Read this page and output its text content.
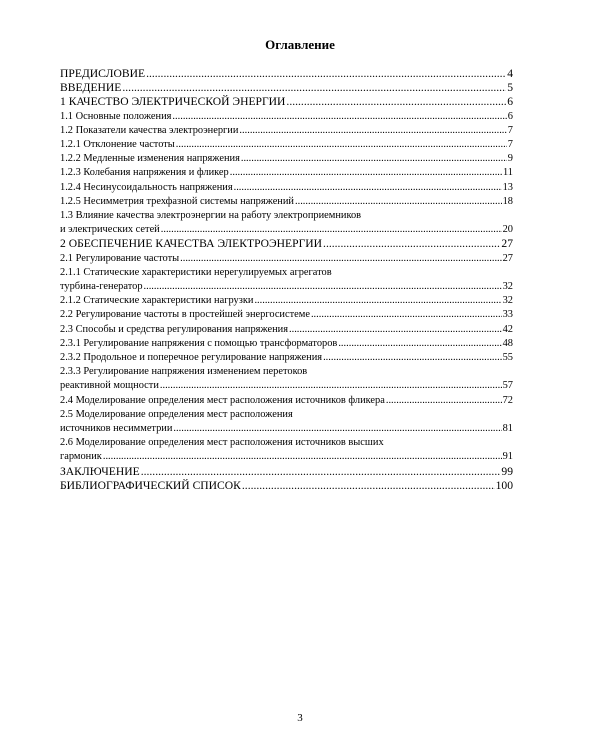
Оглавление
ПРЕДИСЛОВИЕ .....	4
ВВЕДЕНИЕ .....	5
1 КАЧЕСТВО ЭЛЕКТРИЧЕСКОЙ ЭНЕРГИИ .....	6
1.1 Основные положения .....	6
1.2 Показатели качества электроэнергии .....	7
1.2.1 Отклонение частоты .....	7
1.2.2 Медленные изменения напряжения .....	9
1.2.3 Колебания напряжения и фликер .....	11
1.2.4 Несинусоидальность напряжения .....	13
1.2.5 Несимметрия трехфазной системы напряжений .....	18
1.3 Влияние качества электроэнергии на работу электроприемников
и электрических сетей .....	20
2 ОБЕСПЕЧЕНИЕ КАЧЕСТВА ЭЛЕКТРОЭНЕРГИИ .....	27
2.1 Регулирование частоты .....	27
2.1.1 Статические характеристики нерегулируемых агрегатов
турбина-генератор .....	32
2.1.2 Статические характеристики нагрузки .....	32
2.2 Регулирование частоты в простейшей энергосистеме .....	33
2.3 Способы и средства регулирования напряжения .....	42
2.3.1 Регулирование напряжения с помощью трансформаторов .....	48
2.3.2 Продольное и поперечное регулирование напряжения .....	55
2.3.3 Регулирование напряжения изменением перетоков
реактивной мощности .....	57
2.4 Моделирование определения мест расположения источников фликера .....	72
2.5 Моделирование определения мест расположения
источников несимметрии .....	81
2.6 Моделирование определения мест расположения источников высших
гармоник .....	91
ЗАКЛЮЧЕНИЕ .....	99
БИБЛИОГРАФИЧЕСКИЙ СПИСОК .....	100
3
